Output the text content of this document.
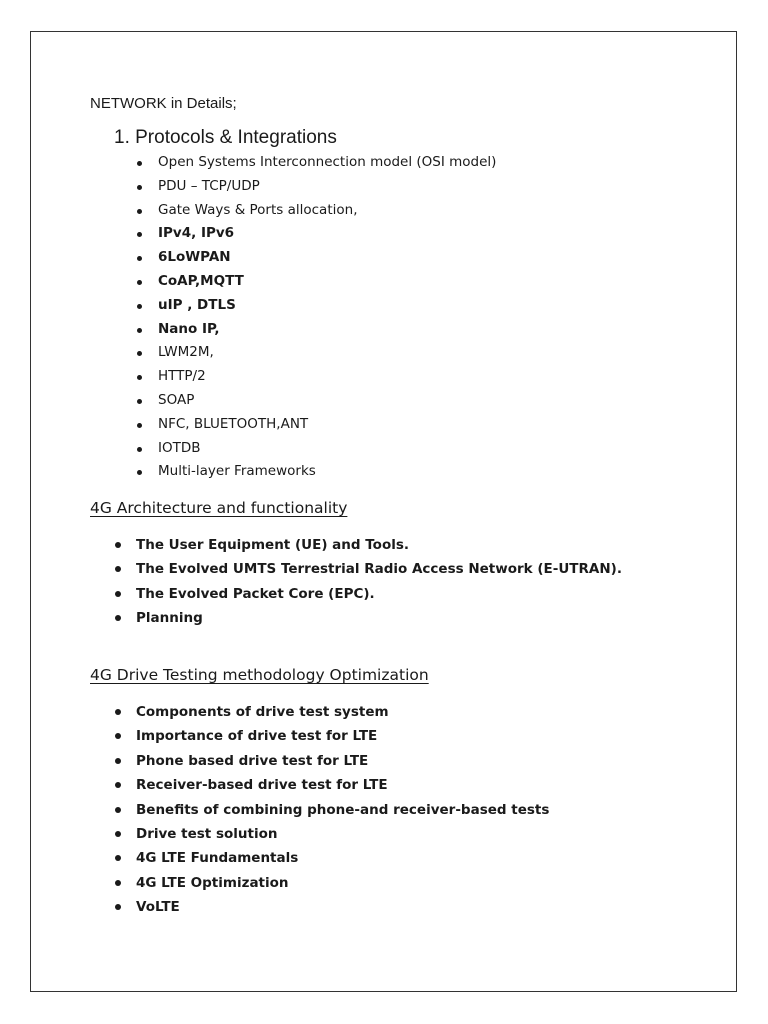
NETWORK in Details;
1. Protocols & Integrations
Open Systems Interconnection model (OSI model)
PDU – TCP/UDP
Gate Ways & Ports allocation,
IPv4, IPv6
6LoWPAN
CoAP,MQTT
uIP , DTLS
Nano IP,
LWM2M,
HTTP/2
SOAP
NFC, BLUETOOTH,ANT
IOTDB
Multi-layer Frameworks
4G Architecture and functionality
The User Equipment (UE) and Tools.
The Evolved UMTS Terrestrial Radio Access Network (E-UTRAN).
The Evolved Packet Core (EPC).
Planning
4G Drive Testing methodology Optimization
Components of drive test system
Importance of drive test for LTE
Phone based drive test for LTE
Receiver-based drive test for LTE
Benefits of combining phone-and receiver-based tests
Drive test solution
4G LTE Fundamentals
4G LTE Optimization
VoLTE
